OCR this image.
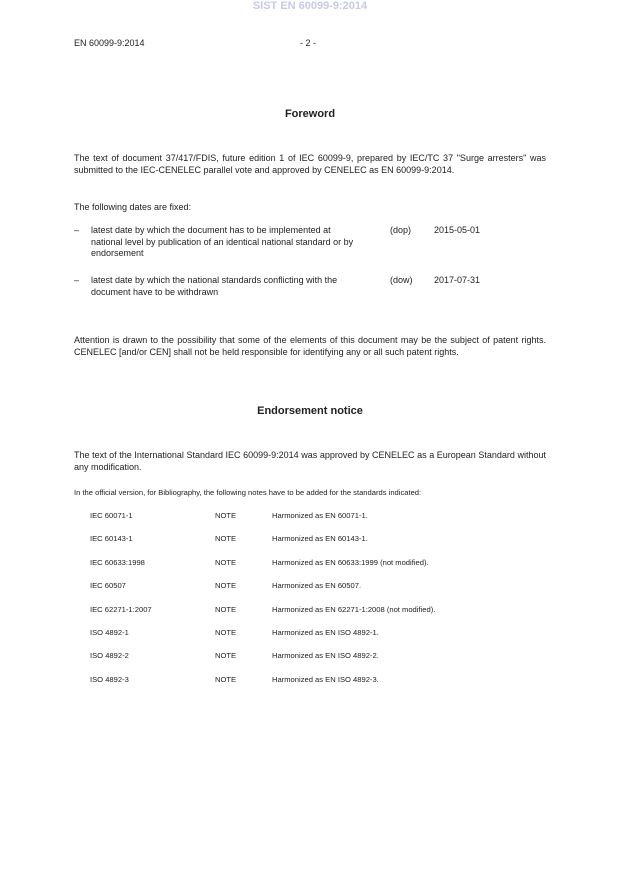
SIST EN 60099-9:2014
EN 60099-9:2014	- 2 -
Foreword
The text of document 37/417/FDIS, future edition 1 of IEC 60099-9, prepared by IEC/TC 37 "Surge arresters" was submitted to the IEC-CENELEC parallel vote and approved by CENELEC as EN 60099-9:2014.
The following dates are fixed:
– latest date by which the document has to be implemented at national level by publication of an identical national standard or by endorsement
(dop)	2015-05-01
– latest date by which the national standards conflicting with the document have to be withdrawn
(dow) 2017-07-31
Attention is drawn to the possibility that some of the elements of this document may be the subject of patent rights. CENELEC [and/or CEN] shall not be held responsible for identifying any or all such patent rights.
Endorsement notice
The text of the International Standard IEC 60099-9:2014 was approved by CENELEC as a European Standard without any modification.
In the official version, for Bibliography, the following notes have to be added for the standards indicated:
IEC 60071-1	NOTE	Harmonized as EN 60071-1.
IEC 60143-1	NOTE	Harmonized as EN 60143-1.
IEC 60633:1998	NOTE	Harmonized as EN 60633:1999 (not modified).
IEC 60507	NOTE	Harmonized as EN 60507.
IEC 62271-1:2007	NOTE	Harmonized as EN 62271-1:2008 (not modified).
ISO 4892-1	NOTE	Harmonized as EN ISO 4892-1.
ISO 4892-2	NOTE	Harmonized as EN ISO 4892-2.
ISO 4892-3	NOTE	Harmonized as EN ISO 4892-3.
